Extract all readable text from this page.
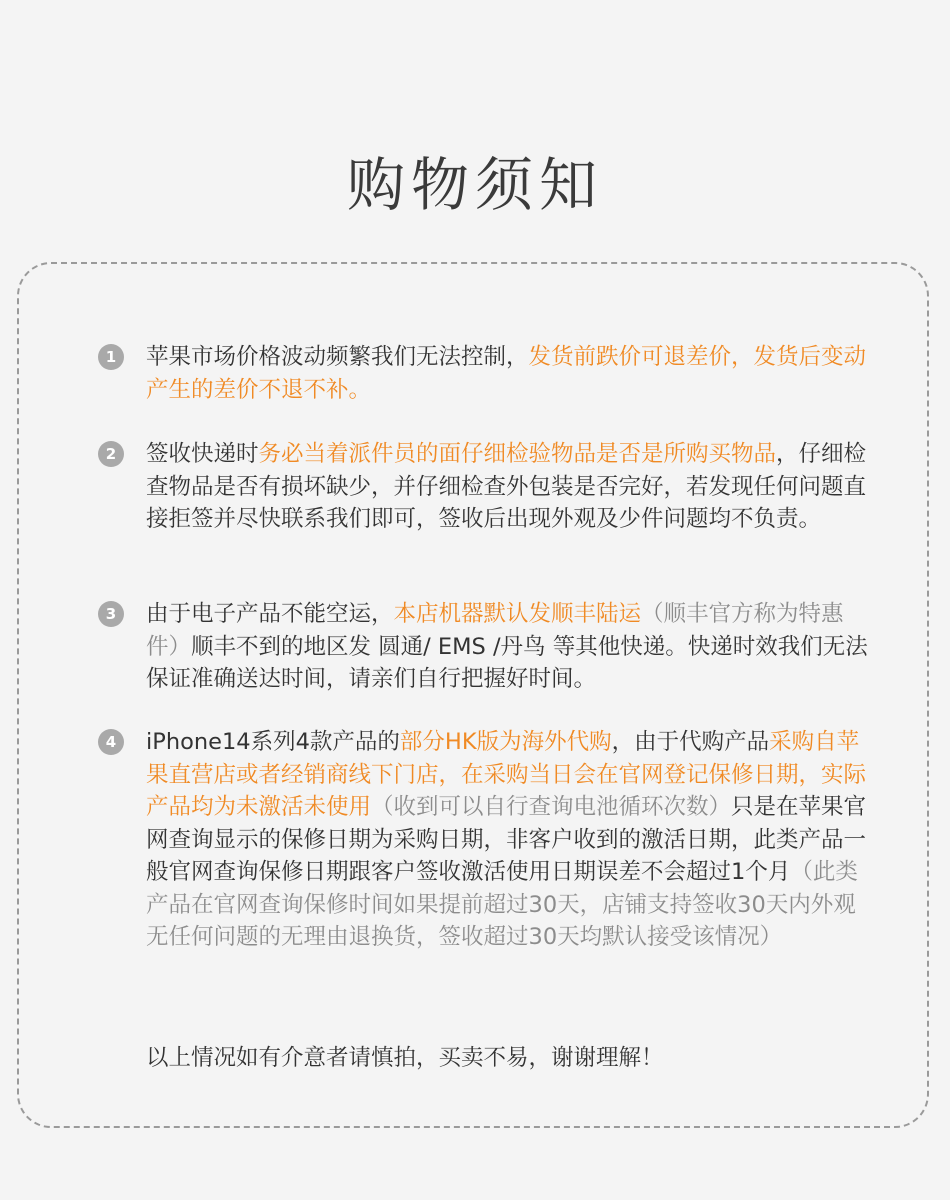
购物须知
1	苹果市场价格波动频繁我们无法控制，发货前跌价可退差价，发货后变动产生的差价不退不补。
2	签收快递时务必当着派件员的面仔细检验物品是否是所购买物品，仔细检查物品是否有损坏缺少，并仔细检查外包装是否完好，若发现任何问题直接拒签并尽快联系我们即可，签收后出现外观及少件问题均不负责。
3	由于电子产品不能空运，本店机器默认发顺丰陆运（顺丰官方称为特惠件）顺丰不到的地区发 圆通/ EMS /丹鸟 等其他快递。快递时效我们无法保证准确送达时间，请亲们自行把握好时间。
4	iPhone14系列4款产品的部分HK版为海外代购，由于代购产品采购自苹果直营店或者经销商线下门店，在采购当日会在官网登记保修日期，实际产品均为未激活未使用（收到可以自行查询电池循环次数）只是在苹果官网查询显示的保修日期为采购日期，非客户收到的激活日期，此类产品一般官网查询保修日期跟客户签收激活使用日期误差不会超过1个月（此类产品在官网查询保修时间如果提前超过30天，店铺支持签收30天内外观无任何问题的无理由退换货，签收超过30天均默认接受该情况）
以上情况如有介意者请慎拍，买卖不易，谢谢理解！
